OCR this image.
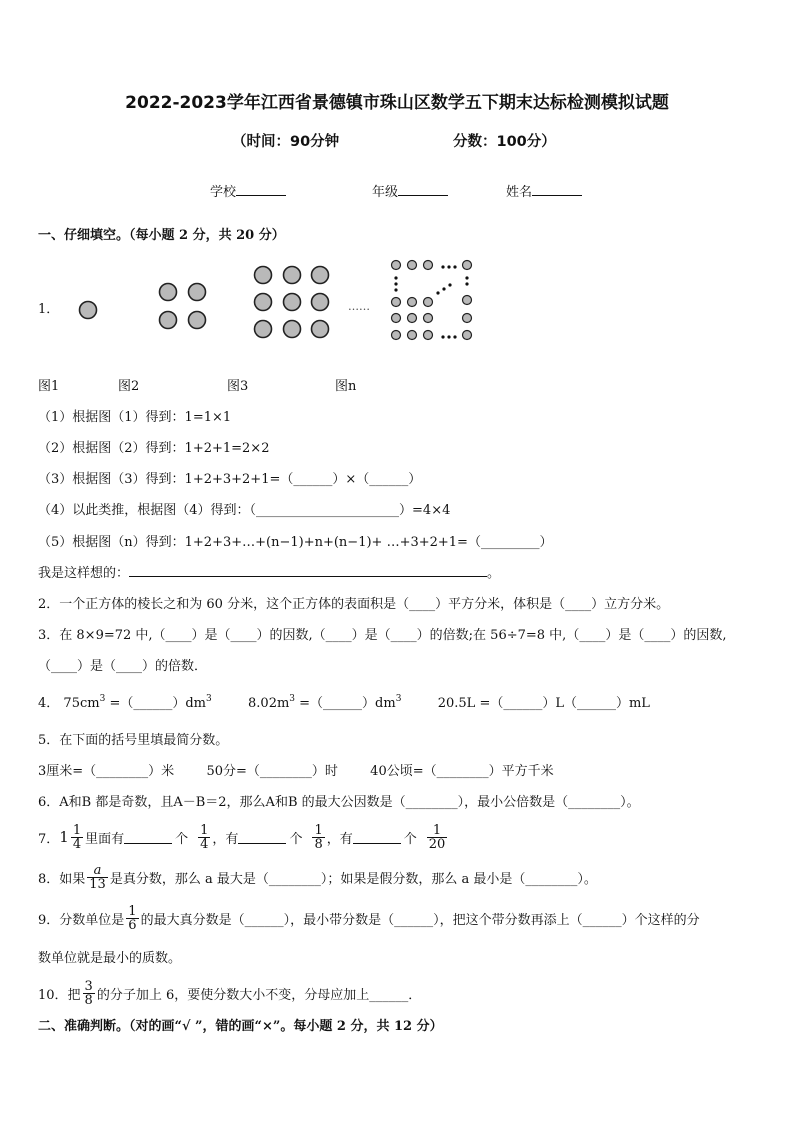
2022-2023学年江西省景德镇市珠山区数学五下期末达标检测模拟试题
（时间：90分钟	分数：100分）
学校	年级	姓名
一、仔细填空。（每小题 2 分，共 20 分）
1．	……
图1	图2	图3	图n
（1）根据图（1）得到：1=1×1
（2）根据图（2）得到：1+2+1=2×2
（3）根据图（3）得到：1+2+3+2+1=（______）×（______）
（4）以此类推，根据图（4）得到：（______________________）=4×4
（5）根据图（n）得到：1+2+3+…+(n−1)+n+(n−1)+ …+3+2+1=（_________）
我是这样想的：	。
2．一个正方体的棱长之和为 60 分米，这个正方体的表面积是（____）平方分米，体积是（____）立方分米。
3．在 8×9=72 中,（____）是（____）的因数,（____）是（____）的倍数;在 56÷7=8 中,（____）是（____）的因数,
（____）是（____）的倍数．
4． $75cm^3$ $=(\_\_\_\_\_\_)dm^3$	$8.02m^3$ $=(\_\_\_\_\_\_)dm^3$	20.5L =（______）L（______）mL
5．在下面的括号里填最简分数。
3厘米=（________）米 50分=（________）时 40公顷=（________）平方千米
6．A和B 都是奇数，且A－B＝2，那么A和B 的最大公因数是（________），最小公倍数是（________）。
7． $1 \frac{1}{4}$ 里面有	个 $\frac{1}{4}$ ，有	个 $\frac{1}{8}$ ，有	个 $\frac{1}{20}$
8．如果 $\frac{a}{13}$ 是真分数，那么 a 最大是（________）；如果是假分数，那么 a 最小是（________）。
9．分数单位是 $\frac{1}{6}$ 的最大真分数是（______），最小带分数是（______），把这个带分数再添上（______）个这样的分
数单位就是最小的质数。
10．把 $\frac{3}{8}$ 的分子加上 6，要使分数大小不变，分母应加上______．
二、准确判断。（对的画“√ ”，错的画“×”。每小题 2 分，共 12 分）
